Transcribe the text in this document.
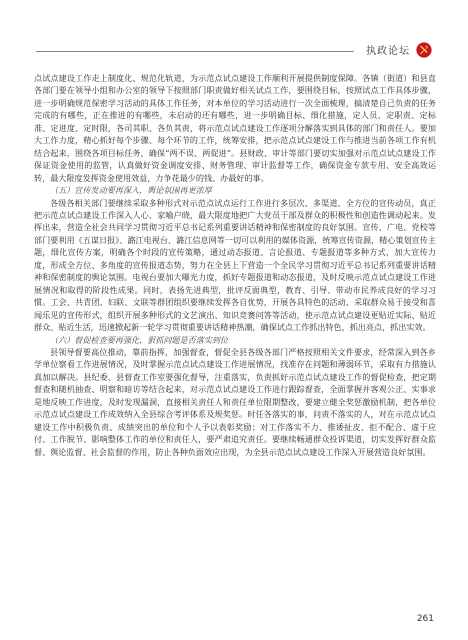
执政论坛

点试点建设工作走上制度化、规范化轨道，为示范点试点建设工作顺利开展提供制度保障。各镇（街道）和县直各部门要在领导小组和办公室的领导下按照部门职责做好相关试点工作，要围绕目标，按照试点工作具体步骤，进一步明确规范保密学习活动的具体工作任务，对本单位的学习活动进行一次全面梳理，搞清楚自己负责的任务完成的有哪些，正在推进的有哪些，未启动的还有哪些，进一步明确目标、细化措施，定人员、定职责、定标准、定进度、定时限，各司其职、各负其责，将示范点试点建设工作逐项分解落实到具体的部门和责任人。要加大工作力度，精心抓好每个步骤、每个环节的工作，统筹安排，把示范点试点建设工作与推进当前各项工作有机结合起来，围绕各项目标任务，确保“两不误、两促进”。县财政、审计等部门要切实加强对示范点试点建设工作保证资金使用的监管，认真做好资金调度安排、财务管理、审计监督等工作，确保资金专款专用、安全高效运转，最大限度发挥资金使用效益，力争花最少的钱、办最好的事。

（五）宣传发动要再深入，舆论氛围再更浓厚

各级各相关部门要继续采取多种形式对示范点试点运行工作进行多层次、多渠道、全方位的宣传动员，真正把示范点试点建设工作深入人心、家喻户晓，最大限度地把广大党员干部及群众的积极性和创造性调动起来。发挥出来，营造全社会共同学习贯彻习近平总书记系列重要讲话精神和保密制度的良好氛围。宣传、广电、党校等部门要利用《五谋日报》、潞江电视台、潞江信息网等一切可以利用的媒体资源，统筹宣传资源，精心策划宣传主题，细化宣传方案，明确各个时段的宣传策略，通过动态报道、言论报道、专题报道等多种方式，加大宣传力度，形成全方位、多角度的宣传报道态势，努力在全县上下营造一个全民学习贯彻习近平总书记系列重要讲话精神和保密制度的舆论氛围。电视台要加大曝光力度，抓好专题报道和动态报道，及时反映示范点试点建设工作进展情况和取得的阶段性成果。同时，表扬先进典型，批评反面典型，教育、引导、带动市民养成良好的学习习惯。工会、共青团、妇联、文联等群团组织要继续发挥各自优势，开展各具特色的活动，采取群众易于接受和喜闻乐见的宣传形式，组织开展多种形式的文艺演出、知识竞赛问答等活动，使示范点试点建设更贴近实际、贴近群众、贴近生活，迅速掀起新一轮学习贯彻重要讲话精神热潮，确保试点工作抓出特色，抓出亮点，抓出实效。

（六）督促检查要再强化，狠抓问题是否落实到位

县领导督要高位推动，靠前指挥，加强督查，督促全县各级各部门严格按照相关文件要求，经常深入到各乡学单位察看工作进展情况，及时掌握示范点试点建设工作进展情况，找准存在问题和薄弱环节，采取有力措施认真加以解决。县纪委、县督查工作室要强化督导，注重落实，负责抓好示范点试点建设工作的督促检查，把定期督查和随机抽查、明察和暗访等结合起来，对示范点试点建设工作进行跟踪督查，全面掌握并客观公正、实事求是地反映工作进度，及时发现漏洞，直接相关责任人和责任单位限期整改，要建立健全奖惩激励机制，把各单位示范点试点建设工作成效纳入全县综合考评体系及规奖惩。时任各落实的事，问责不落实的人，对在示范点试点建设工作中积极负责、成绩突出的单位和个人予以表彰奖励；对工作落实不力、推诿扯皮、拒不配合、虚于应付、工作脱节、影响整体工作的单位和责任人，要严肃追究责任。要继续畅通群众投诉渠道，切实发挥好群众监督、舆论监督、社会监督的作用，防止各种负面效应出现，为全县示范点试点建设工作深入开展营造良好氛围。

261
